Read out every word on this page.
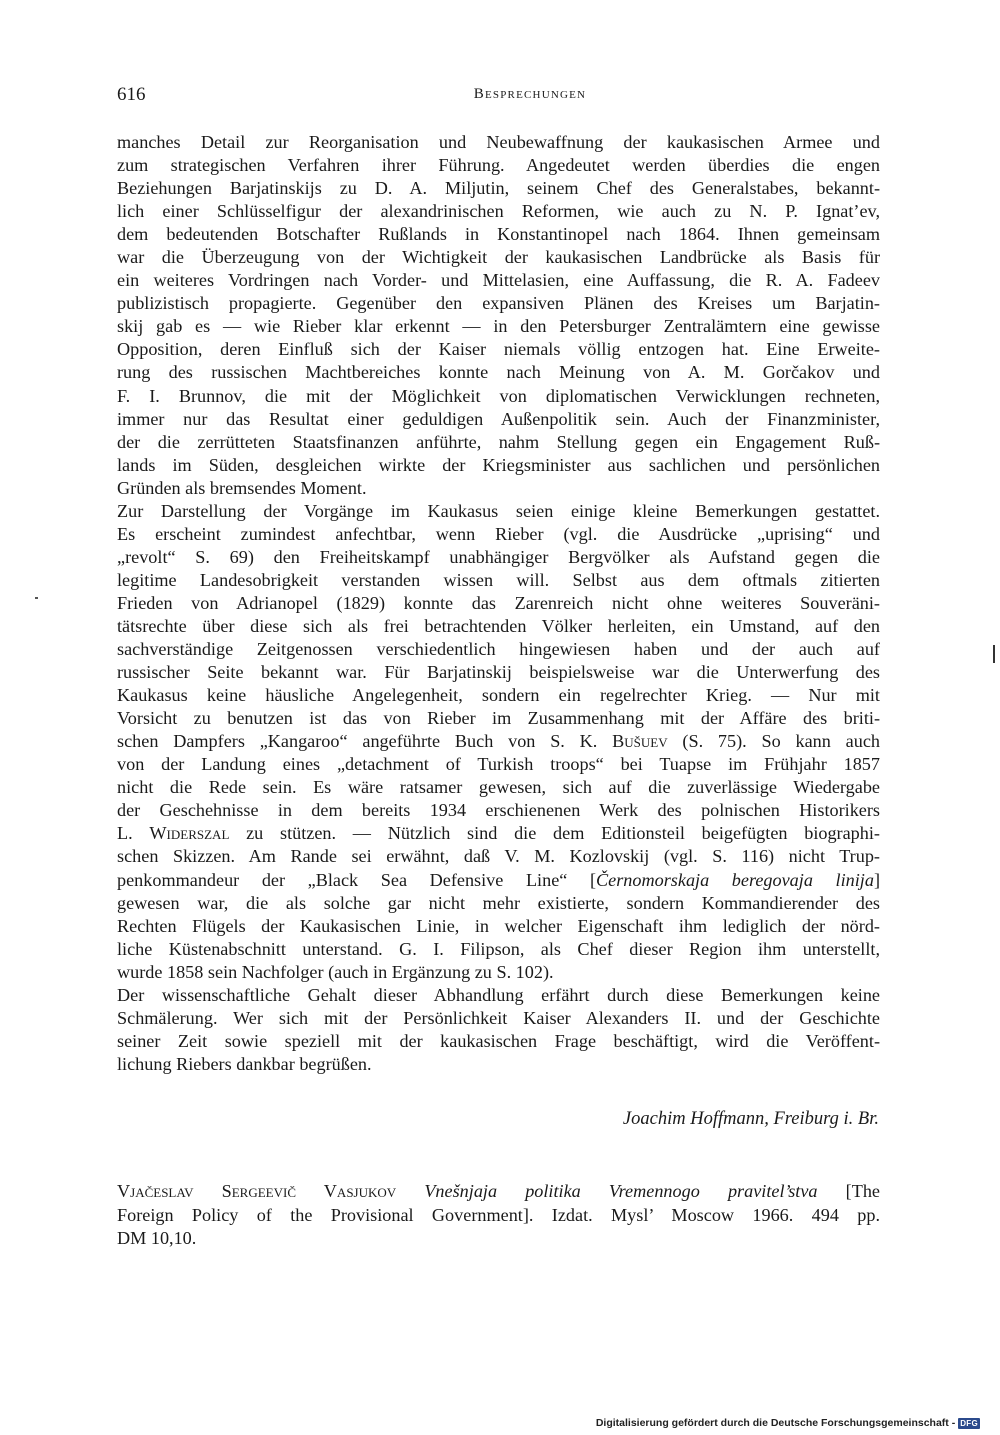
616	Besprechungen

manches Detail zur Reorganisation und Neubewaffnung der kaukasischen Armee und
zum strategischen Verfahren ihrer Führung. Angedeutet werden überdies die engen
Beziehungen Barjatinskijs zu D. A. Miljutin, seinem Chef des Generalstabes, bekannt-
lich einer Schlüsselfigur der alexandrinischen Reformen, wie auch zu N. P. Ignat’ev,
dem bedeutenden Botschafter Rußlands in Konstantinopel nach 1864. Ihnen gemeinsam
war die Überzeugung von der Wichtigkeit der kaukasischen Landbrücke als Basis für
ein weiteres Vordringen nach Vorder- und Mittelasien, eine Auffassung, die R. A. Fadeev
publizistisch propagierte. Gegenüber den expansiven Plänen des Kreises um Barjatin-
skij gab es — wie Rieber klar erkennt — in den Petersburger Zentralämtern eine gewisse
Opposition, deren Einfluß sich der Kaiser niemals völlig entzogen hat. Eine Erweite-
rung des russischen Machtbereiches konnte nach Meinung von A. M. Gorčakov und
F. I. Brunnov, die mit der Möglichkeit von diplomatischen Verwicklungen rechneten,
immer nur das Resultat einer geduldigen Außenpolitik sein. Auch der Finanzminister,
der die zerrütteten Staatsfinanzen anführte, nahm Stellung gegen ein Engagement Ruß-
lands im Süden, desgleichen wirkte der Kriegsminister aus sachlichen und persönlichen
Gründen als bremsendes Moment.

Zur Darstellung der Vorgänge im Kaukasus seien einige kleine Bemerkungen gestattet.
Es erscheint zumindest anfechtbar, wenn Rieber (vgl. die Ausdrücke „uprising“ und
„revolt“ S. 69) den Freiheitskampf unabhängiger Bergvölker als Aufstand gegen die
legitime Landesobrigkeit verstanden wissen will. Selbst aus dem oftmals zitierten
Frieden von Adrianopel (1829) konnte das Zarenreich nicht ohne weiteres Souveräni-
tätsrechte über diese sich als frei betrachtenden Völker herleiten, ein Umstand, auf den
sachverständige Zeitgenossen verschiedentlich hingewiesen haben und der auch auf
russischer Seite bekannt war. Für Barjatinskij beispielsweise war die Unterwerfung des
Kaukasus keine häusliche Angelegenheit, sondern ein regelrechter Krieg. — Nur mit
Vorsicht zu benutzen ist das von Rieber im Zusammenhang mit der Affäre des briti-
schen Dampfers „Kangaroo“ angeführte Buch von S. K. Bušuev (S. 75). So kann auch
von der Landung eines „detachment of Turkish troops“ bei Tuapse im Frühjahr 1857
nicht die Rede sein. Es wäre ratsamer gewesen, sich auf die zuverlässige Wiedergabe
der Geschehnisse in dem bereits 1934 erschienenen Werk des polnischen Historikers
L. Widerszal zu stützen. — Nützlich sind die dem Editionsteil beigefügten biographi-
schen Skizzen. Am Rande sei erwähnt, daß V. M. Kozlovskij (vgl. S. 116) nicht Trup-
penkommandeur der „Black Sea Defensive Line“ [Černomorskaja beregovaja linija]
gewesen war, die als solche gar nicht mehr existierte, sondern Kommandierender des
Rechten Flügels der Kaukasischen Linie, in welcher Eigenschaft ihm lediglich der nörd-
liche Küstenabschnitt unterstand. G. I. Filipson, als Chef dieser Region ihm unterstellt,
wurde 1858 sein Nachfolger (auch in Ergänzung zu S. 102).

Der wissenschaftliche Gehalt dieser Abhandlung erfährt durch diese Bemerkungen keine
Schmälerung. Wer sich mit der Persönlichkeit Kaiser Alexanders II. und der Geschichte
seiner Zeit sowie speziell mit der kaukasischen Frage beschäftigt, wird die Veröffent-
lichung Riebers dankbar begrüßen.

Joachim Hoffmann, Freiburg i. Br.
Vjačeslav Sergeevič Vasjukov Vnešnjaja politika Vremennogo pravitel’stva [The
Foreign Policy of the Provisional Government]. Izdat. Mysl’ Moscow 1966. 494 pp.
DM 10,10.
Digitalisierung gefördert durch die Deutsche Forschungsgemeinschaft - DFG
